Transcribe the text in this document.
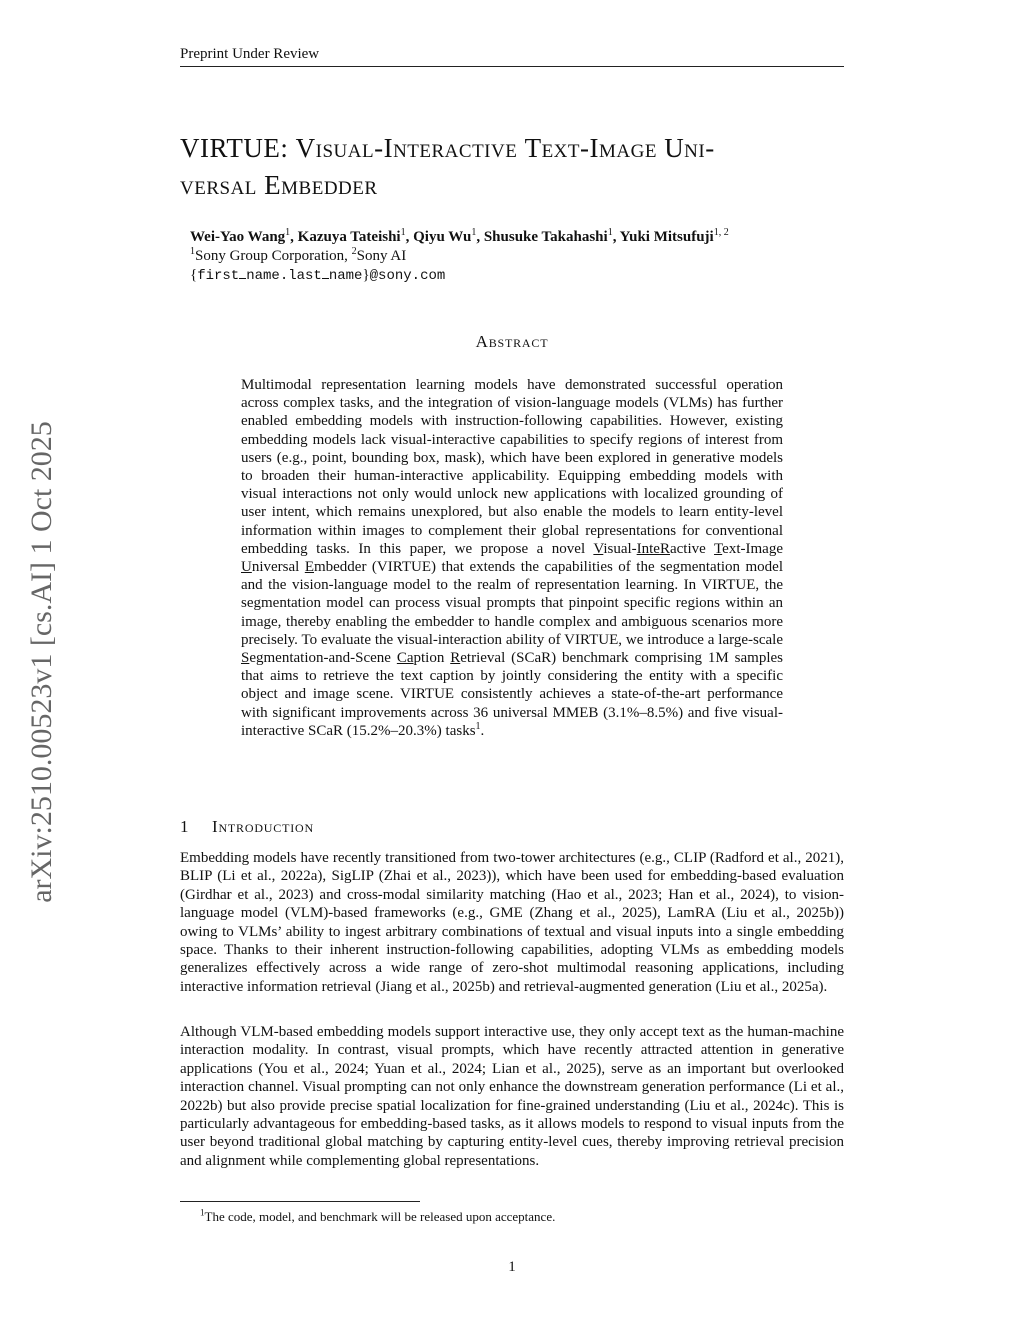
Preprint Under Review
arXiv:2510.00523v1 [cs.AI] 1 Oct 2025
VIRTUE: Visual-Interactive Text-Image Uni-
versal Embedder
Wei-Yao Wang$^1$, Kazuya Tateishi$^1$, Qiyu Wu$^1$, Shusuke Takahashi$^1$, Yuki Mitsufuji$^{1, 2}$
$^1$Sony Group Corporation, $^2$Sony AI
{first name.last name}@sony.com
Abstract
Multimodal representation learning models have demonstrated successful operation across complex tasks, and the integration of vision-language models (VLMs) has further enabled embedding models with instruction-following capabilities. However, existing embedding models lack visual-interactive capabilities to specify regions of interest from users (e.g., point, bounding box, mask), which have been explored in generative models to broaden their human-interactive applicability. Equipping embedding models with visual interactions not only would unlock new applications with localized grounding of user intent, which remains unexplored, but also enable the models to learn entity-level information within images to complement their global representations for conventional embedding tasks. In this paper, we propose a novel Visual-InteRactive Text-Image Universal Embedder (VIRTUE) that extends the capabilities of the segmentation model and the vision-language model to the realm of representation learning. In VIRTUE, the segmentation model can process visual prompts that pinpoint specific regions within an image, thereby enabling the embedder to handle complex and ambiguous scenarios more precisely. To evaluate the visual-interaction ability of VIRTUE, we introduce a large-scale Segmentation-and-Scene Caption Retrieval (SCaR) benchmark comprising 1M samples that aims to retrieve the text caption by jointly considering the entity with a specific object and image scene. VIRTUE consistently achieves a state-of-the-art performance with significant improvements across 36 universal MMEB (3.1%–8.5%) and five visual-interactive SCaR (15.2%–20.3%) tasks$^1$.
1 Introduction
Embedding models have recently transitioned from two-tower architectures (e.g., CLIP (Radford et al., 2021), BLIP (Li et al., 2022a), SigLIP (Zhai et al., 2023)), which have been used for embedding-based evaluation (Girdhar et al., 2023) and cross-modal similarity matching (Hao et al., 2023; Han et al., 2024), to vision-language model (VLM)-based frameworks (e.g., GME (Zhang et al., 2025), LamRA (Liu et al., 2025b)) owing to VLMs’ ability to ingest arbitrary combinations of textual and visual inputs into a single embedding space. Thanks to their inherent instruction-following capabilities, adopting VLMs as embedding models generalizes effectively across a wide range of zero-shot multimodal reasoning applications, including interactive information retrieval (Jiang et al., 2025b) and retrieval-augmented generation (Liu et al., 2025a).
Although VLM-based embedding models support interactive use, they only accept text as the human-machine interaction modality. In contrast, visual prompts, which have recently attracted attention in generative applications (You et al., 2024; Yuan et al., 2024; Lian et al., 2025), serve as an important but overlooked interaction channel. Visual prompting can not only enhance the downstream generation performance (Li et al., 2022b) but also provide precise spatial localization for fine-grained understanding (Liu et al., 2024c). This is particularly advantageous for embedding-based tasks, as it allows models to respond to visual inputs from the user beyond traditional global matching by capturing entity-level cues, thereby improving retrieval precision and alignment while complementing global representations.
$^1$The code, model, and benchmark will be released upon acceptance.
1
